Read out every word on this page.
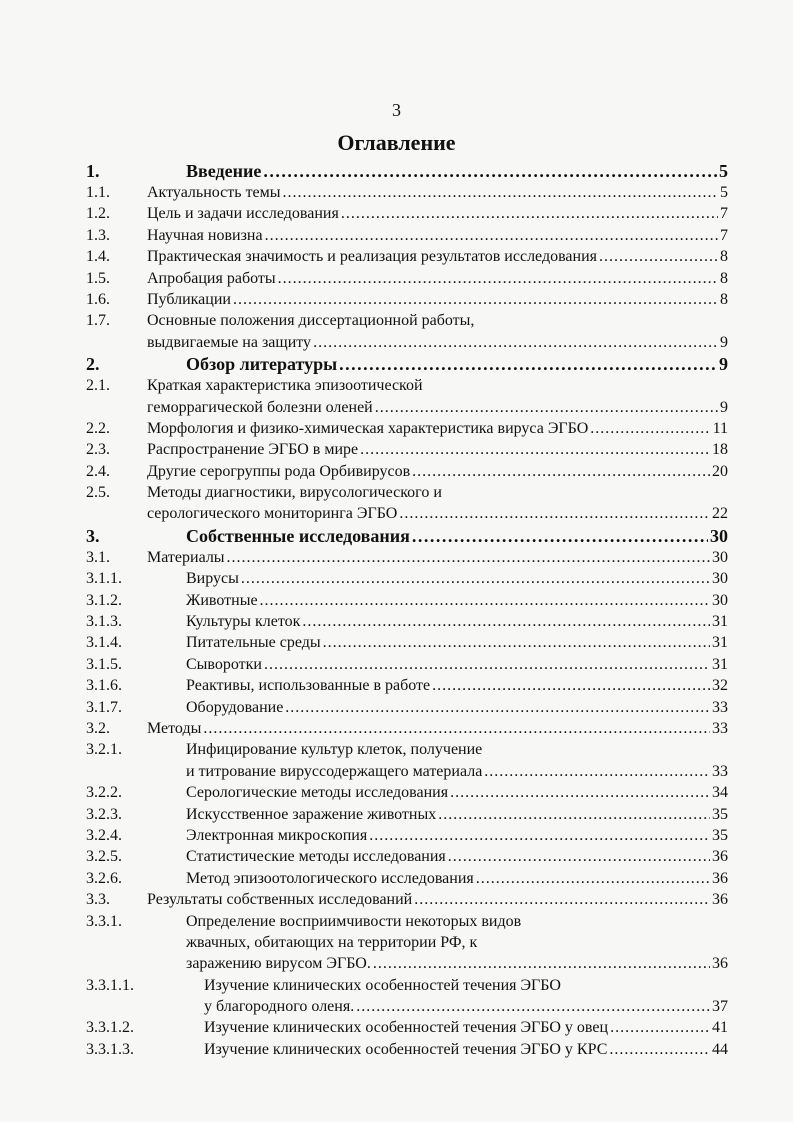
3
Оглавление
1.	Введение .....	5
1.1. Актуальность темы .....	5
1.2. Цель и задачи исследования .....	7
1.3. Научная новизна .....	7
1.4. Практическая значимость и реализация результатов исследования .....	8
1.5. Апробация работы .....	8
1.6. Публикации .....	8
1.7. Основные положения диссертационной работы,
выдвигаемые на защиту .....	9
2.	Обзор литературы .....	9
2.1. Краткая характеристика эпизоотической
геморрагической болезни оленей .....	9
2.2. Морфология и физико-химическая характеристика вируса ЭГБО .....	11
2.3. Распространение ЭГБО в мире .....	18
2.4. Другие серогруппы рода Орбивирусов .....	20
2.5. Методы диагностики, вирусологического и
серологического мониторинга ЭГБО .....	22
3.	Собственные исследования .....	30
3.1. Материалы .....	30
3.1.1.	Вирусы .....	30
3.1.2.	Животные .....	30
3.1.3.	Культуры клеток .....	31
3.1.4.	Питательные среды .....	31
3.1.5.	Сыворотки .....	31
3.1.6.	Реактивы, использованные в работе .....	32
3.1.7.	Оборудование .....	33
3.2. Методы .....	33
3.2.1.	Инфицирование культур клеток, получение
и титрование вируссодержащего материала .....	33
3.2.2.	Серологические методы исследования .....	34
3.2.3.	Искусственное заражение животных .....	35
3.2.4.	Электронная микроскопия .....	35
3.2.5.	Статистические методы исследования .....	36
3.2.6.	Метод эпизоотологического исследования .....	36
3.3. Результаты собственных исследований .....	36
3.3.1.	Определение восприимчивости некоторых видов
жвачных, обитающих на территории РФ, к
заражению вирусом ЭГБО. .....	36
3.3.1.1.	Изучение клинических особенностей течения ЭГБО
у благородного оленя. .....	37
3.3.1.2.	Изучение клинических особенностей течения ЭГБО у овец .....	41
3.3.1.3.	Изучение клинических особенностей течения ЭГБО у КРС .....	44
